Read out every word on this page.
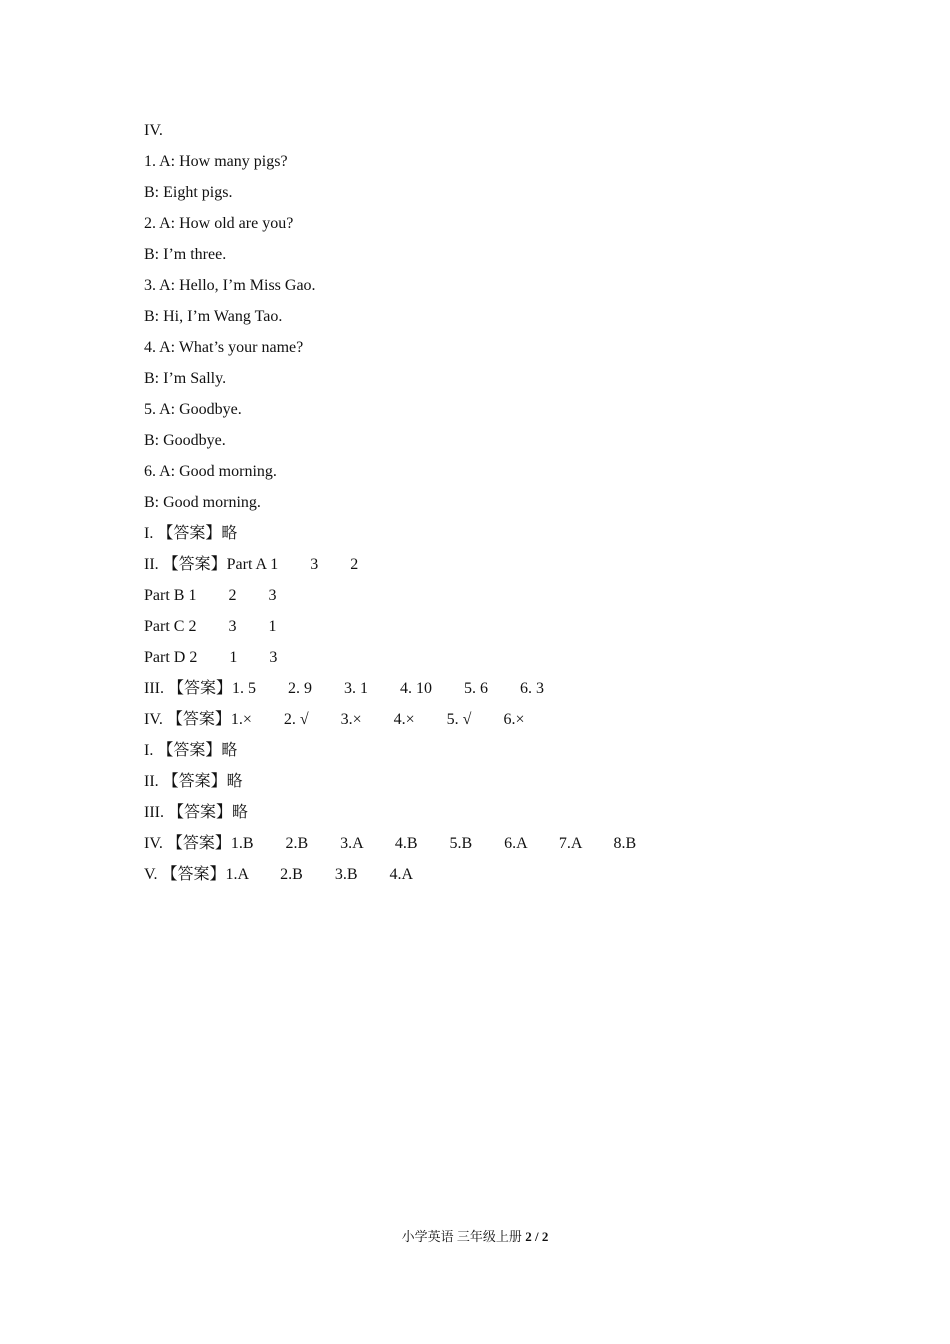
IV.
1. A: How many pigs?
B: Eight pigs.
2. A: How old are you?
B: I’m three.
3. A: Hello, I’m Miss Gao.
B: Hi, I’m Wang Tao.
4. A: What’s your name?
B: I’m Sally.
5. A: Goodbye.
B: Goodbye.
6. A: Good morning.
B: Good morning.
I. 【答案】略
II. 【答案】Part A 1        3        2
Part B 1        2        3
Part C 2        3        1
Part D 2        1        3
III. 【答案】1. 5        2. 9        3. 1        4. 10        5. 6        6. 3
IV. 【答案】1.×        2. √        3.×        4.×        5. √        6.×
I. 【答案】略
II. 【答案】略
III. 【答案】略
IV. 【答案】1.B        2.B        3.A        4.B        5.B        6.A        7.A        8.B
V. 【答案】1.A        2.B        3.B        4.A
小学英语 三年级上册 2 / 2
